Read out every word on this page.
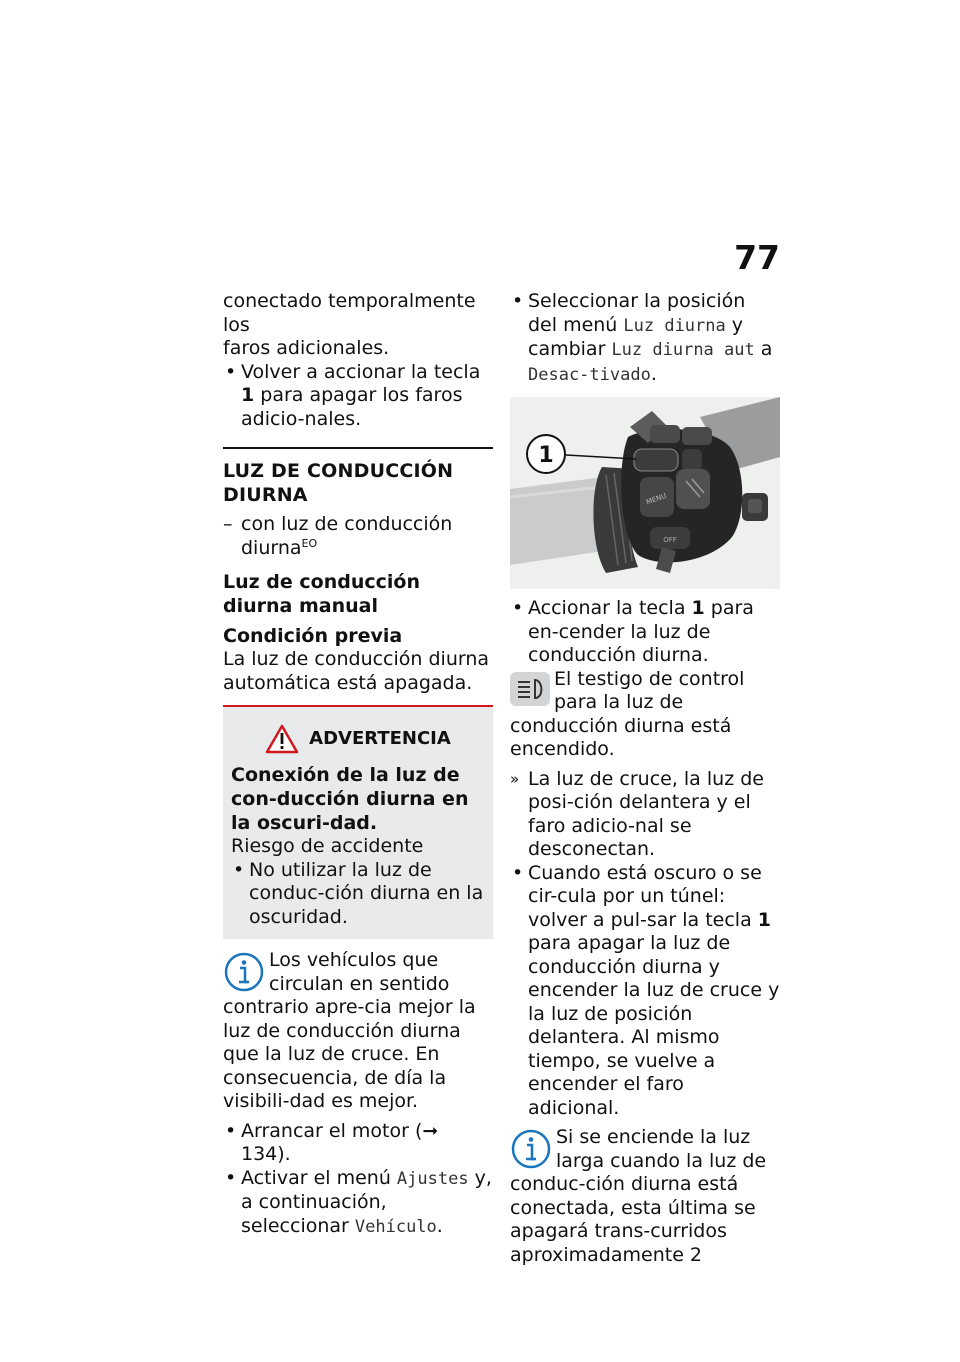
77

conectado temporalmente los
faros adicionales.

• Volver a accionar la tecla 1 para apagar los faros adicio-nales.

LUZ DE CONDUCCIÓN DIURNA

– con luz de conducción diurna$^{EO}$

Luz de conducción diurna manual
Condición previa

La luz de conducción diurna automática está apagada.

ADVERTENCIA
Conexión de la luz de con-ducción diurna en la oscuri-dad.

Riesgo de accidente

• No utilizar la luz de conduc-ción diurna en la oscuridad.

Los vehículos que circulan en sentido contrario apre-cia mejor la luz de conducción diurna que la luz de cruce. En consecuencia, de día la visibili-dad es mejor.

• Arrancar el motor (➞ 134).

• Activar el menú Ajustes y, a continuación, seleccionar Vehículo.

• Seleccionar la posición del menú Luz diurna y cambiar Luz diurna aut a Desac-tivado.

MENU
OFF
1

• Accionar la tecla 1 para en-cender la luz de conducción diurna.

El testigo de control para la luz de conducción diurna está encendido.

» La luz de cruce, la luz de posi-ción delantera y el faro adicio-nal se desconectan.

• Cuando está oscuro o se cir-cula por un túnel: volver a pul-sar la tecla 1 para apagar la luz de conducción diurna y encender la luz de cruce y la luz de posición delantera. Al mismo tiempo, se vuelve a encender el faro adicional.

Si se enciende la luz larga cuando la luz de conduc-ción diurna está conectada, esta última se apagará trans-curridos aproximadamente 2
